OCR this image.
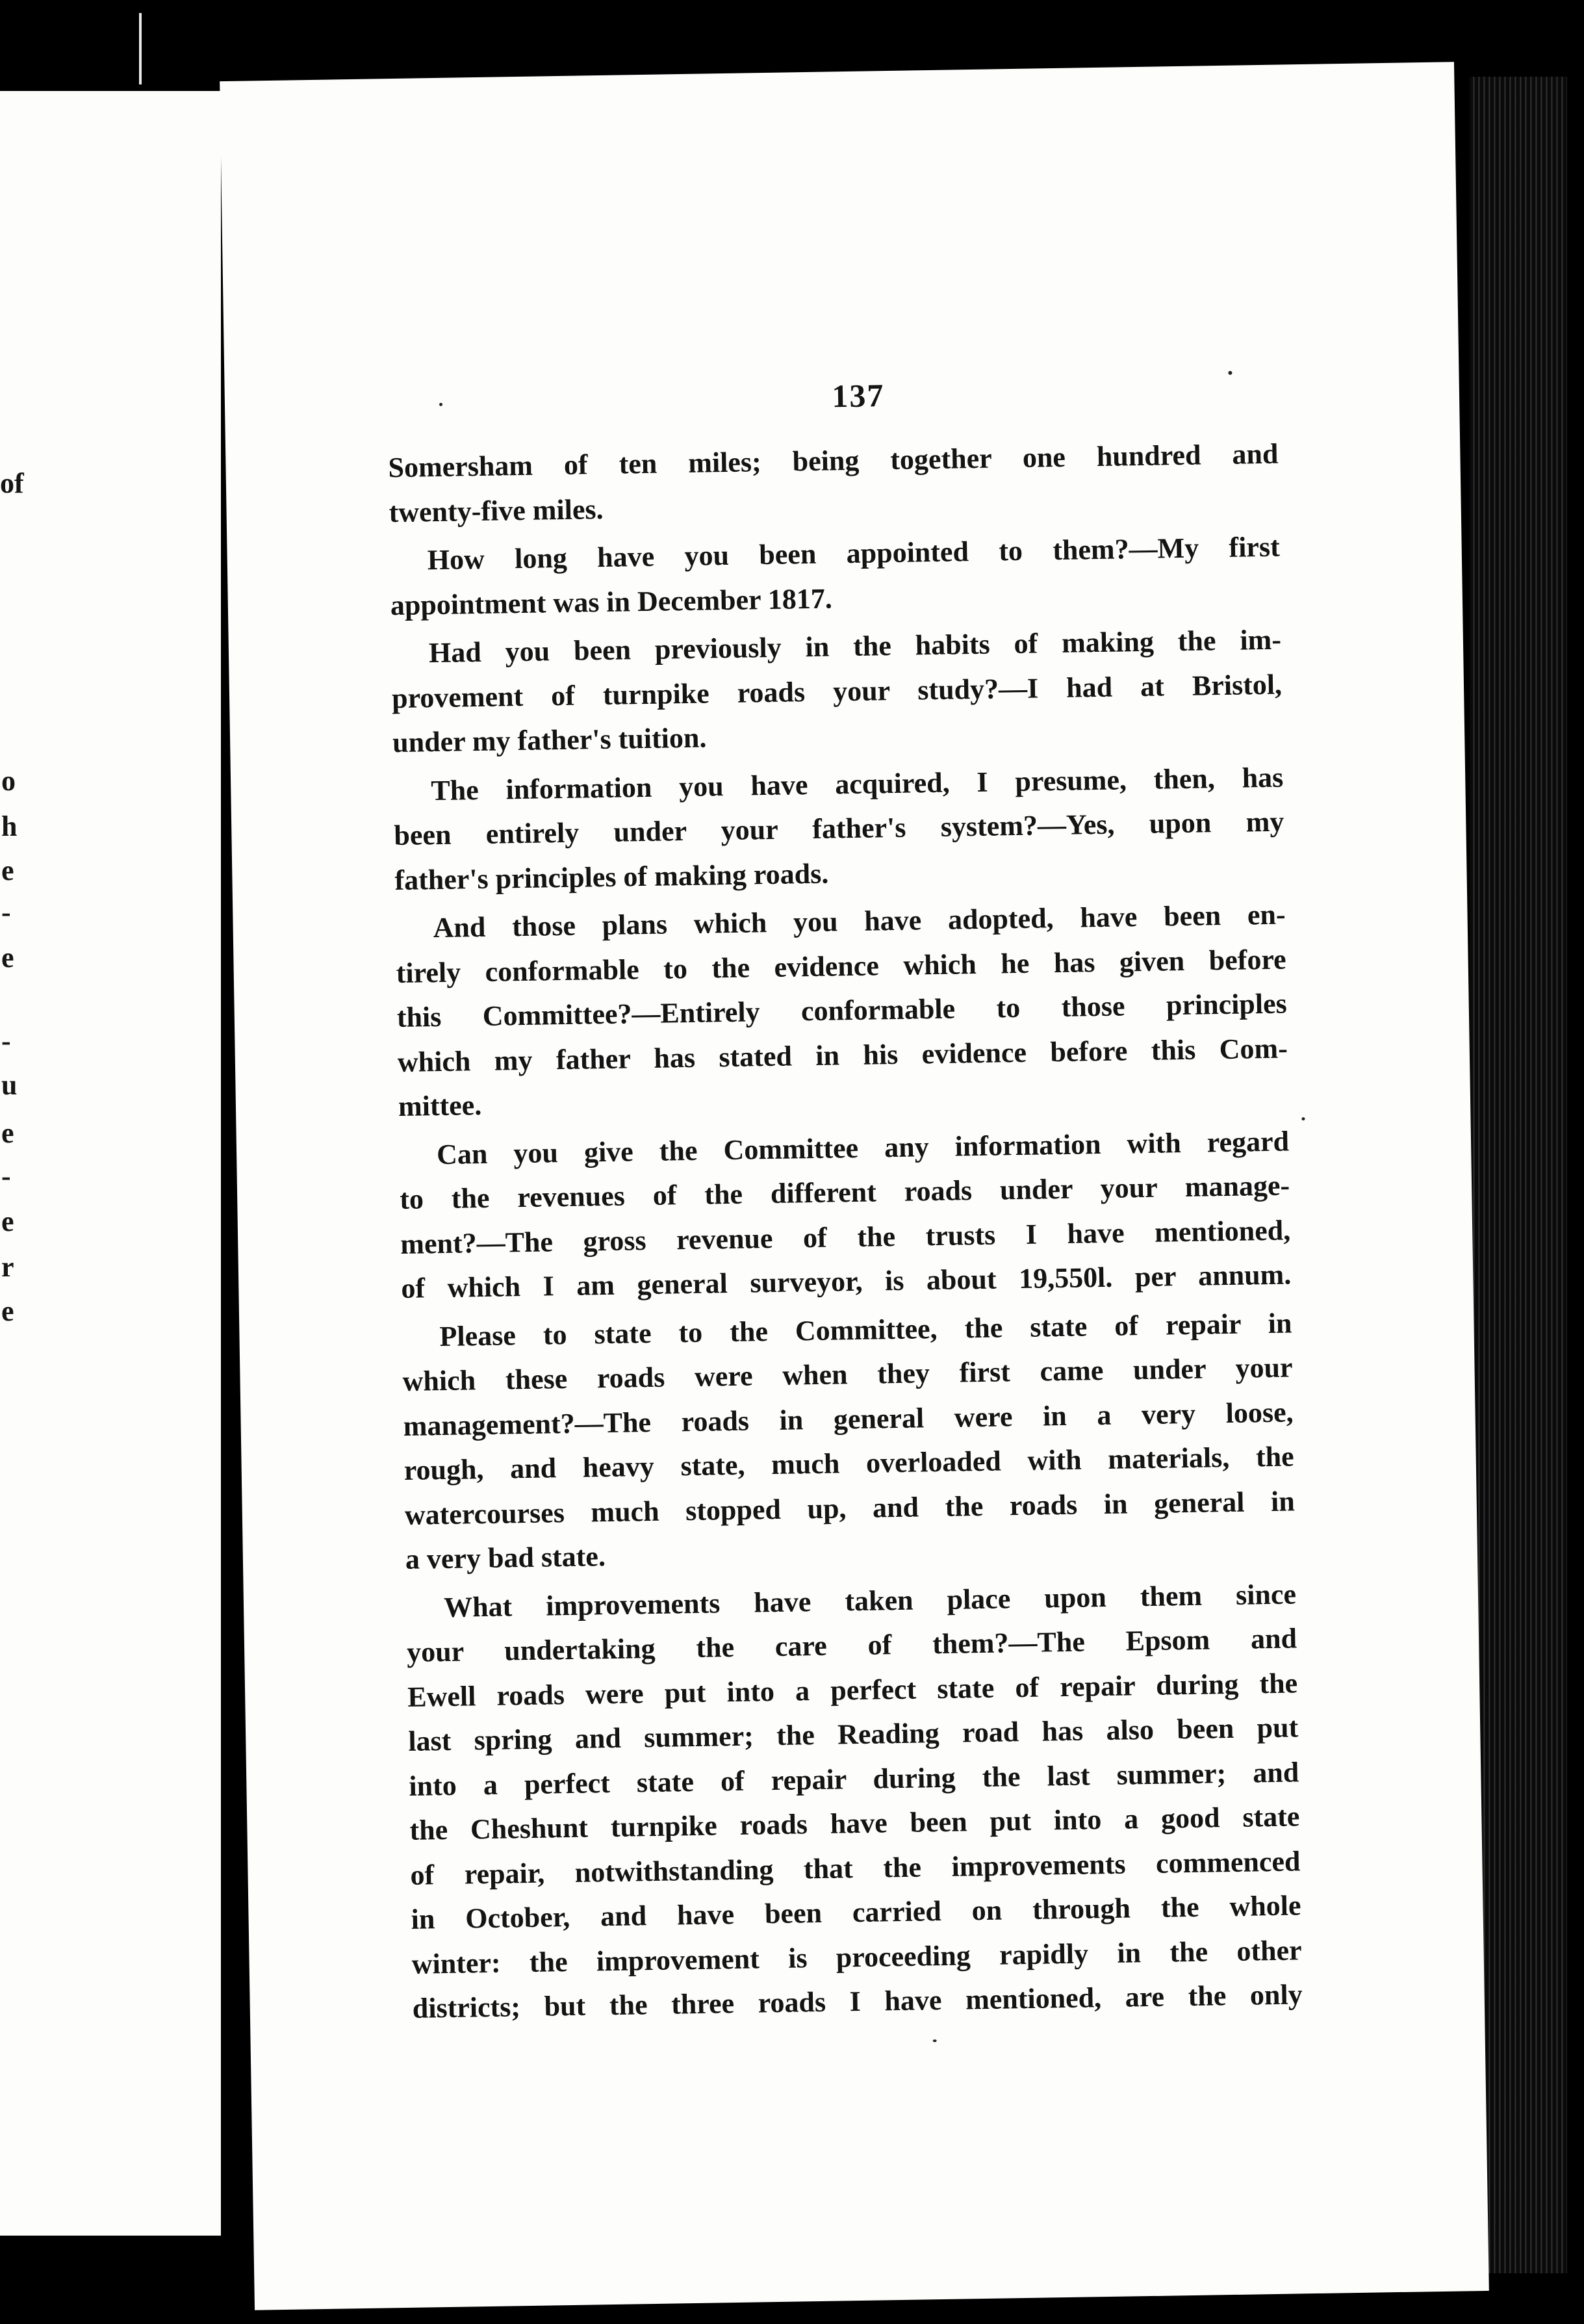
of
o
h
e
-
e
-
u
e
-
e
r
e
137
Somersham of ten miles; being together one hundred and
twenty-five miles.
How long have you been appointed to them?—My first
appointment was in December 1817.
Had you been previously in the habits of making the im-
provement of turnpike roads your study?—I had at Bristol,
under my father's tuition.
The information you have acquired, I presume, then, has
been entirely under your father's system?—Yes, upon my
father's principles of making roads.
And those plans which you have adopted, have been en-
tirely conformable to the evidence which he has given before
this Committee?—Entirely conformable to those principles
which my father has stated in his evidence before this Com-
mittee.
Can you give the Committee any information with regard
to the revenues of the different roads under your manage-
ment?—The gross revenue of the trusts I have mentioned,
of which I am general surveyor, is about 19,550l. per annum.
Please to state to the Committee, the state of repair in
which these roads were when they first came under your
management?—The roads in general were in a very loose,
rough, and heavy state, much overloaded with materials, the
watercourses much stopped up, and the roads in general in
a very bad state.
What improvements have taken place upon them since
your undertaking the care of them?—The Epsom and
Ewell roads were put into a perfect state of repair during the
last spring and summer; the Reading road has also been put
into a perfect state of repair during the last summer; and
the Cheshunt turnpike roads have been put into a good state
of repair, notwithstanding that the improvements commenced
in October, and have been carried on through the whole
winter: the improvement is proceeding rapidly in the other
districts; but the three roads I have mentioned, are the only
